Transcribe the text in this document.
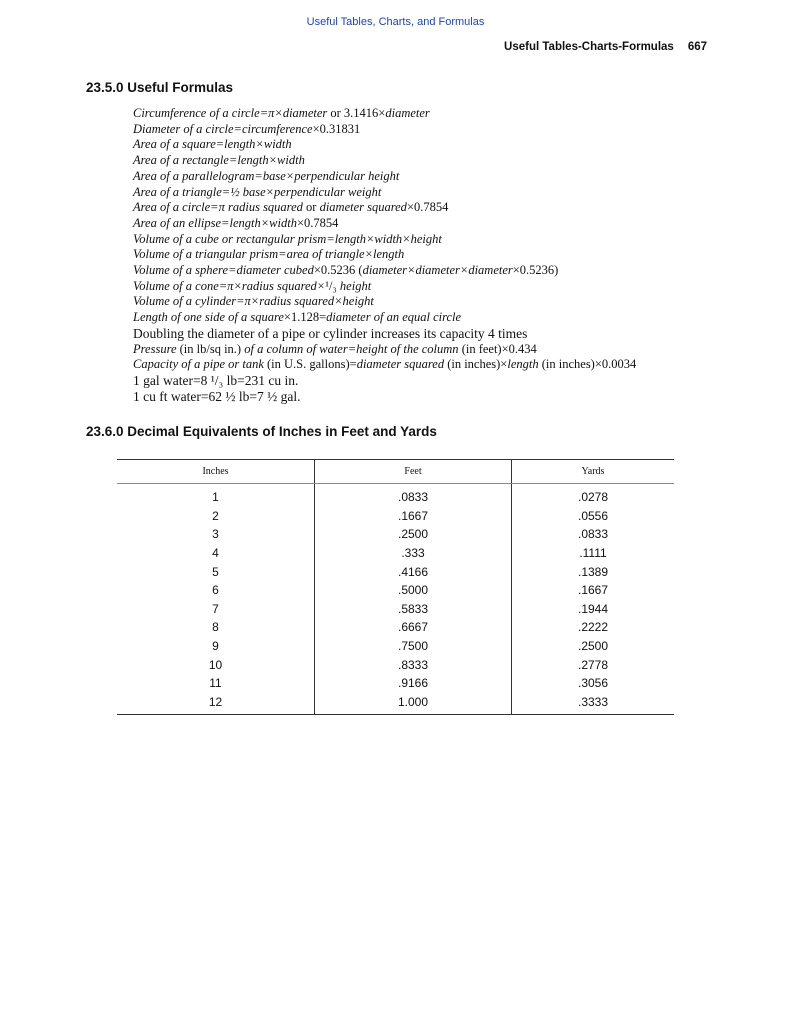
Useful Tables, Charts, and Formulas
Useful Tables-Charts-Formulas 667
23.5.0 Useful Formulas
Circumference of a circle=π×diameter or 3.1416×diameter
Diameter of a circle=circumference×0.31831
Area of a square=length×width
Area of a rectangle=length×width
Area of a parallelogram=base×perpendicular height
Area of a triangle=½ base×perpendicular weight
Area of a circle=π radius squared or diameter squared×0.7854
Area of an ellipse=length×width×0.7854
Volume of a cube or rectangular prism=length×width×height
Volume of a triangular prism=area of triangle×length
Volume of a sphere=diameter cubed×0.5236 (diameter×diameter×diameter×0.5236)
Volume of a cone=π×radius squared×¹/₃ height
Volume of a cylinder=π×radius squared×height
Length of one side of a square×1.128=diameter of an equal circle
Doubling the diameter of a pipe or cylinder increases its capacity 4 times
Pressure (in lb/sq in.) of a column of water=height of the column (in feet)×0.434
Capacity of a pipe or tank (in U.S. gallons)=diameter squared (in inches)×length (in inches)×0.0034
1 gal water=8 ¹/₃ lb=231 cu in.
1 cu ft water=62 ½ lb=7 ½ gal.
23.6.0 Decimal Equivalents of Inches in Feet and Yards
Inches	Feet	Yards
1	.0833	.0278
2	.1667	.0556
3	.2500	.0833
4	.333	.1111
5	.4166	.1389
6	.5000	.1667
7	.5833	.1944
8	.6667	.2222
9	.7500	.2500
10	.8333	.2778
11	.9166	.3056
12	1.000	.3333
